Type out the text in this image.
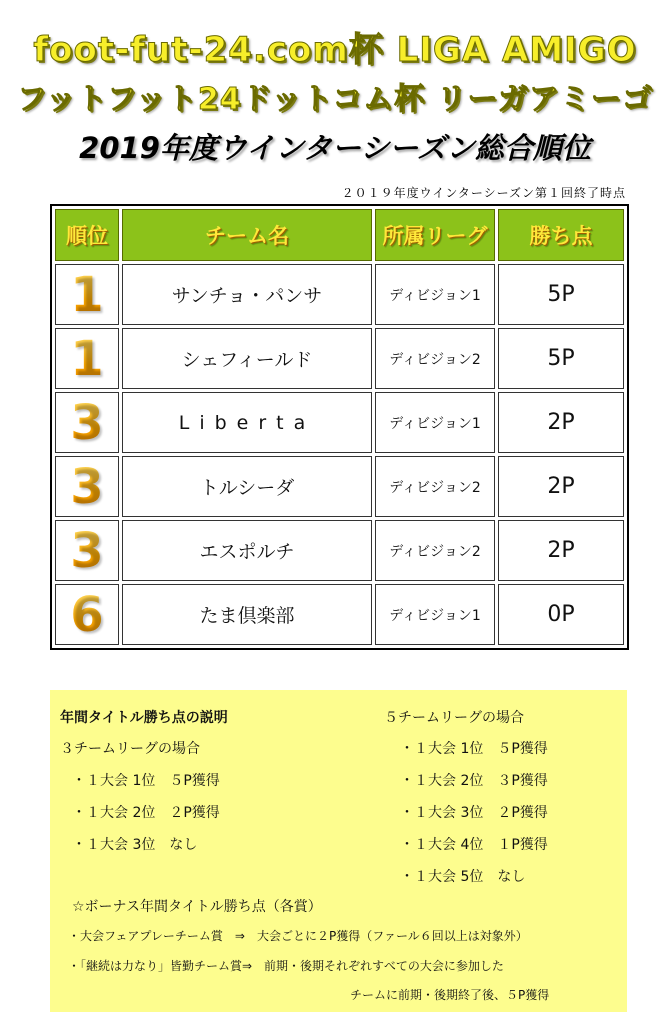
foot-fut-24.com杯 LIGA AMIGO
フットフット24ドットコム杯 リーガアミーゴ
2019年度ウインターシーズン総合順位
２０１９年度ウインターシーズン第１回終了時点
順位	チーム名	所属リーグ	勝ち点
1	サンチョ・パンサ	ディビジョン1	5P
1	シェフィールド	ディビジョン2	5P
3	Liberta	ディビジョン1	2P
3	トルシーダ	ディビジョン2	2P
3	エスポルチ	ディビジョン2	2P
6	たま倶楽部	ディビジョン1	0P
年間タイトル勝ち点の説明
３チームリーグの場合
・１大会 1位　５P獲得
・１大会 2位　２P獲得
・１大会 3位　なし
５チームリーグの場合
・１大会 1位　５P獲得
・１大会 2位　３P獲得
・１大会 3位　２P獲得
・１大会 4位　１P獲得
・１大会 5位　なし
☆ボーナス年間タイトル勝ち点（各賞）
・大会フェアプレーチーム賞　⇒　大会ごとに２P獲得（ファール６回以上は対象外）
・「継続は力なり」皆勤チーム賞⇒　前期・後期それぞれすべての大会に参加した
チームに前期・後期終了後、５P獲得
